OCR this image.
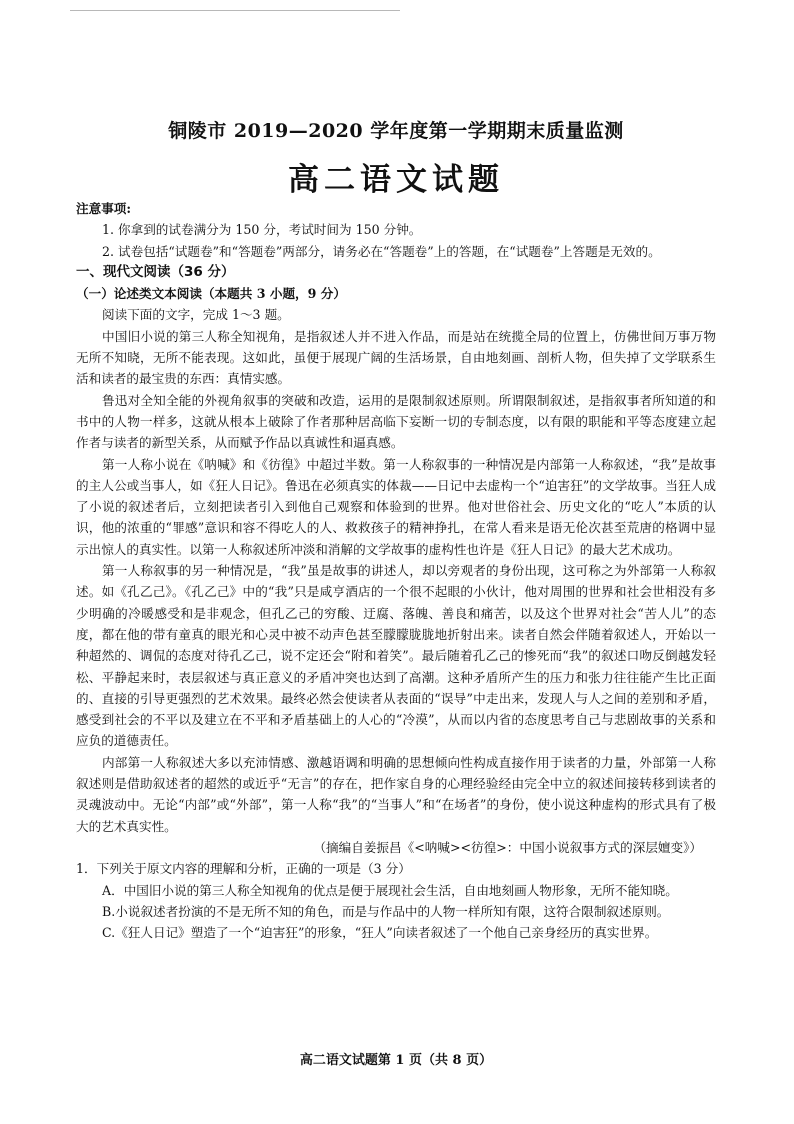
铜陵市 2019—2020 学年度第一学期期末质量监测
高二语文试题

注意事项:

1. 你拿到的试卷满分为 150 分，考试时间为 150 分钟。

2. 试卷包括“试题卷”和“答题卷”两部分，请务必在“答题卷”上的答题，在“试题卷”上答题是无效的。

一、现代文阅读（36 分）

（一）论述类文本阅读（本题共 3 小题，9 分）

阅读下面的文字，完成 1～3 题。

中国旧小说的第三人称全知视角，是指叙述人并不进入作品，而是站在统揽全局的位置上，仿佛世间万事万物无所不知晓，无所不能表现。这如此，虽便于展现广阔的生活场景，自由地刻画、剖析人物，但失掉了文学联系生活和读者的最宝贵的东西：真情实感。

鲁迅对全知全能的外视角叙事的突破和改造，运用的是限制叙述原则。所谓限制叙述，是指叙事者所知道的和书中的人物一样多，这就从根本上破除了作者那种居高临下妄断一切的专制态度，以有限的职能和平等态度建立起作者与读者的新型关系，从而赋予作品以真诚性和逼真感。

第一人称小说在《呐喊》和《彷徨》中超过半数。第一人称叙事的一种情况是内部第一人称叙述，“我”是故事的主人公或当事人，如《狂人日记》。鲁迅在必须真实的体裁——日记中去虚构一个“迫害狂”的文学故事。当狂人成了小说的叙述者后，立刻把读者引入到他自己观察和体验到的世界。他对世俗社会、历史文化的“吃人”本质的认识，他的浓重的“罪感”意识和容不得吃人的人、救救孩子的精神挣扎，在常人看来是语无伦次甚至荒唐的格调中显示出惊人的真实性。以第一人称叙述所冲淡和消解的文学故事的虚构性也许是《狂人日记》的最大艺术成功。

第一人称叙事的另一种情况是，“我”虽是故事的讲述人，却以旁观者的身份出现，这可称之为外部第一人称叙述。如《孔乙己》。《孔乙己》中的“我”只是咸亨酒店的一个很不起眼的小伙计，他对周围的世界和社会世相没有多少明确的冷暖感受和是非观念，但孔乙己的穷酸、迂腐、落魄、善良和痛苦，以及这个世界对社会“苦人儿”的态度，都在他的带有童真的眼光和心灵中被不动声色甚至朦朦胧胧地折射出来。读者自然会伴随着叙述人，开始以一种超然的、调侃的态度对待孔乙己，说不定还会“附和着笑”。最后随着孔乙己的惨死而“我”的叙述口吻反倒越发轻松、平静起来时，表层叙述与真正意义的矛盾冲突也达到了高潮。这种矛盾所产生的压力和张力往往能产生比正面的、直接的引导更强烈的艺术效果。最终必然会使读者从表面的“误导”中走出来，发现人与人之间的差别和矛盾，感受到社会的不平以及建立在不平和矛盾基础上的人心的“冷漠”，从而以内省的态度思考自己与悲剧故事的关系和应负的道德责任。

内部第一人称叙述大多以充沛情感、激越语调和明确的思想倾向性构成直接作用于读者的力量，外部第一人称叙述则是借助叙述者的超然的或近乎“无言”的存在，把作家自身的心理经验经由完全中立的叙述间接转移到读者的灵魂波动中。无论“内部”或“外部”，第一人称“我”的“当事人”和“在场者”的身份，使小说这种虚构的形式具有了极大的艺术真实性。

（摘编自姜振昌《<呐喊><彷徨>：中国小说叙事方式的深层嬗变》）

1．下列关于原文内容的理解和分析，正确的一项是（3 分）

A．中国旧小说的第三人称全知视角的优点是便于展现社会生活，自由地刻画人物形象，无所不能知晓。

B.小说叙述者扮演的不是无所不知的角色，而是与作品中的人物一样所知有限，这符合限制叙述原则。

C.《狂人日记》塑造了一个“迫害狂”的形象，“狂人”向读者叙述了一个他自己亲身经历的真实世界。

高二语文试题第 1 页（共 8 页）
